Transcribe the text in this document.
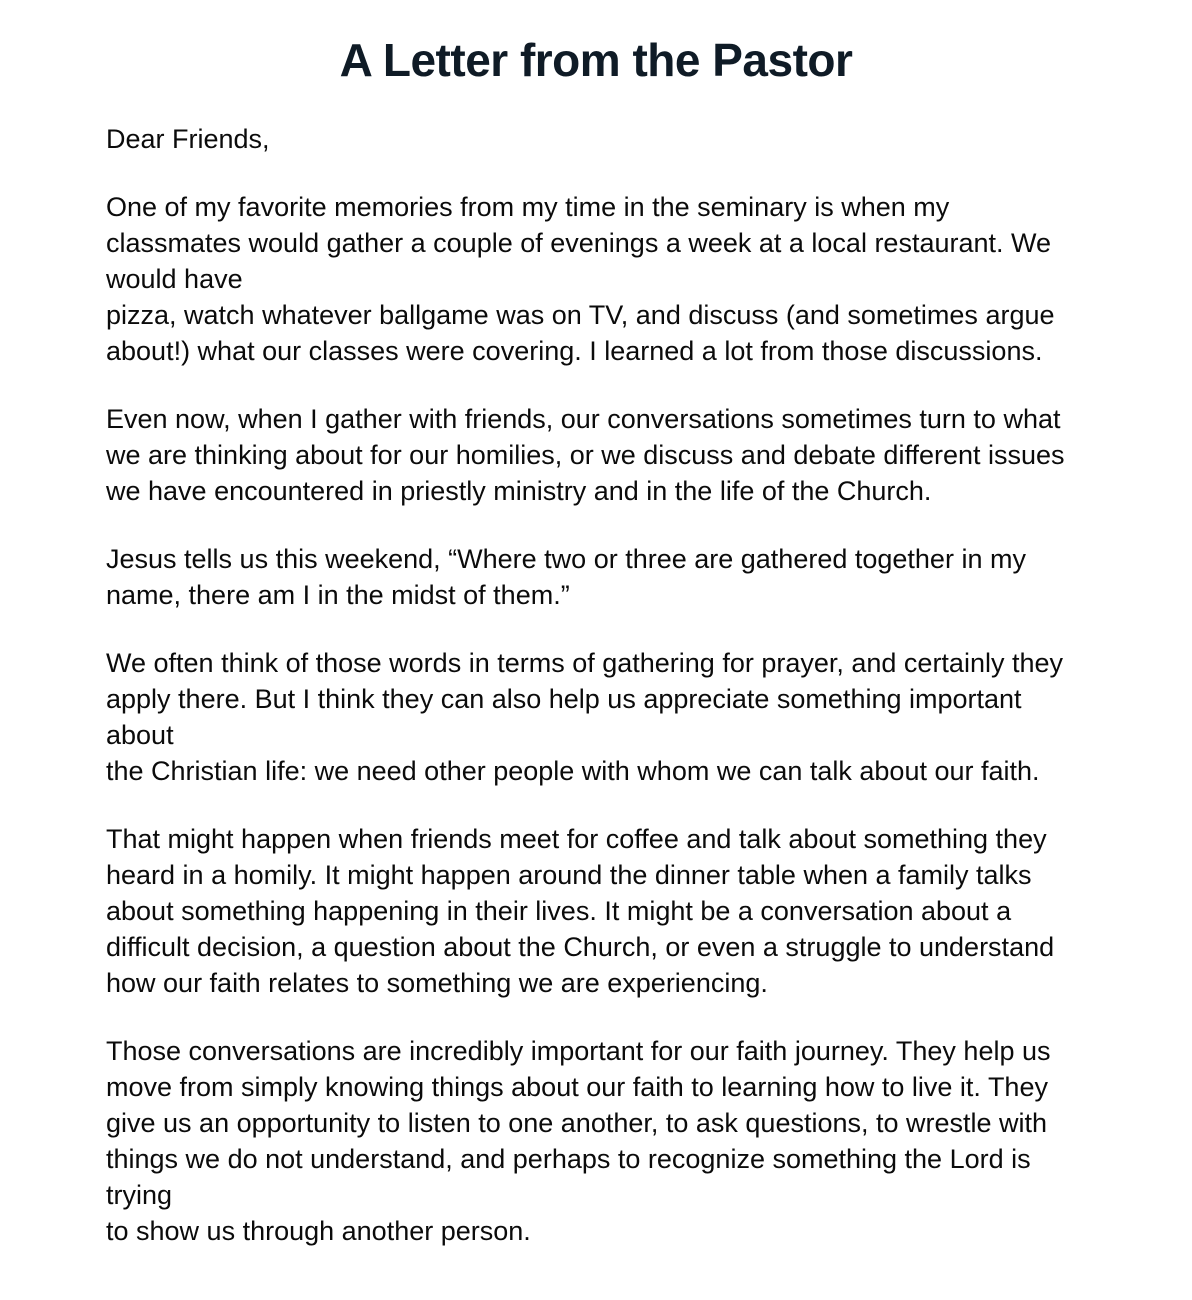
A Letter from the Pastor

Dear Friends,

One of my favorite memories from my time in the seminary is when my
classmates would gather a couple of evenings a week at a local restaurant. We
would have
pizza, watch whatever ballgame was on TV, and discuss (and sometimes argue
about!) what our classes were covering. I learned a lot from those discussions.

Even now, when I gather with friends, our conversations sometimes turn to what
we are thinking about for our homilies, or we discuss and debate different issues
we have encountered in priestly ministry and in the life of the Church.

Jesus tells us this weekend, “Where two or three are gathered together in my
name, there am I in the midst of them.”

We often think of those words in terms of gathering for prayer, and certainly they
apply there. But I think they can also help us appreciate something important
about
the Christian life: we need other people with whom we can talk about our faith.

That might happen when friends meet for coffee and talk about something they
heard in a homily. It might happen around the dinner table when a family talks
about something happening in their lives. It might be a conversation about a
difficult decision, a question about the Church, or even a struggle to understand
how our faith relates to something we are experiencing.

Those conversations are incredibly important for our faith journey. They help us
move from simply knowing things about our faith to learning how to live it. They
give us an opportunity to listen to one another, to ask questions, to wrestle with
things we do not understand, and perhaps to recognize something the Lord is
trying
to show us through another person.
